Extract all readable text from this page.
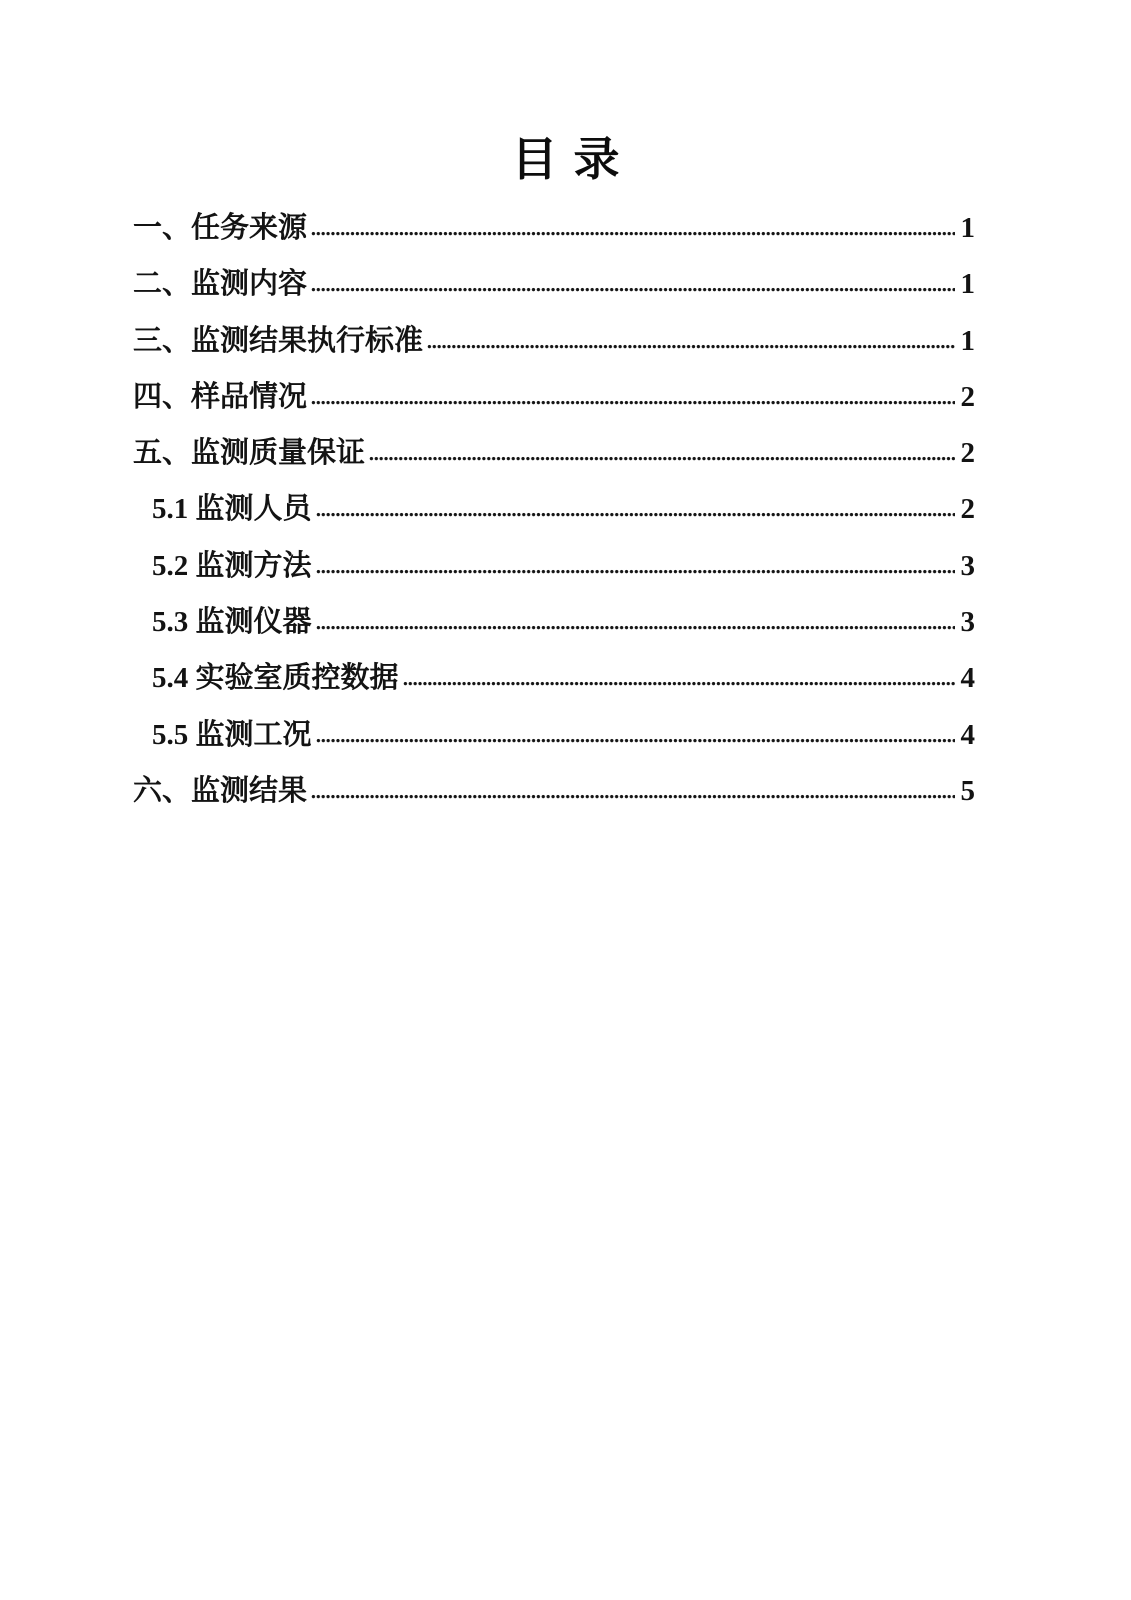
目录
一、任务来源	1
二、监测内容	1
三、监测结果执行标准	1
四、样品情况	2
五、监测质量保证	2
5.1 监测人员	2
5.2 监测方法	3
5.3 监测仪器	3
5.4 实验室质控数据	4
5.5 监测工况	4
六、监测结果	5
